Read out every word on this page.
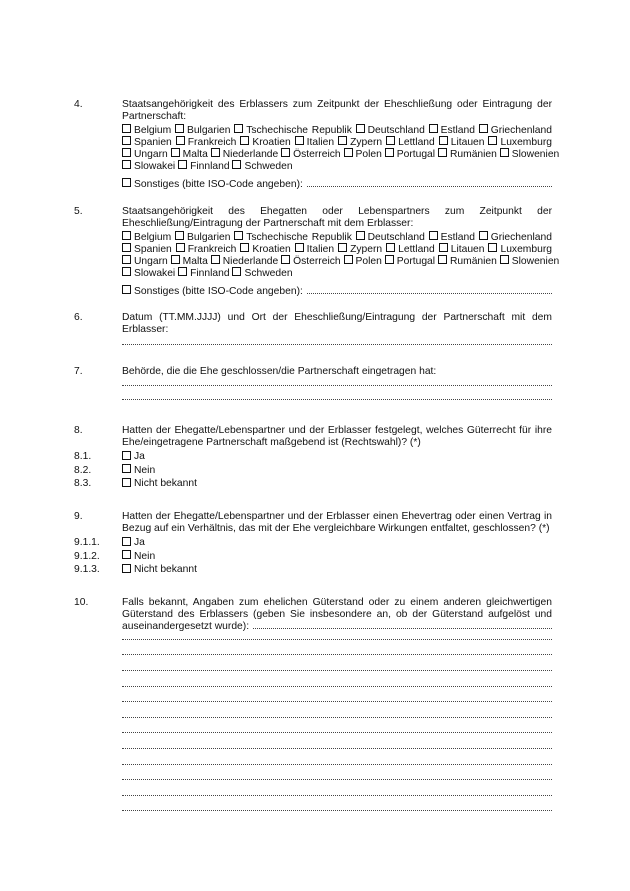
4.	Staatsangehörigkeit des Erblassers zum Zeitpunkt der Eheschließung oder Eintragung der
Partnerschaft:
Belgium Bulgarien Tschechische Republik Deutschland Estland Griechenland
Spanien Frankreich Kroatien Italien Zypern Lettland Litauen Luxemburg
Ungarn Malta Niederlande Österreich Polen Portugal Rumänien Slowenien
Slowakei Finnland Schweden
Sonstiges (bitte ISO-Code angeben):
5.	Staatsangehörigkeit des Ehegatten oder Lebenspartners zum Zeitpunkt der
Eheschließung/Eintragung der Partnerschaft mit dem Erblasser:
Belgium Bulgarien Tschechische Republik Deutschland Estland Griechenland
Spanien Frankreich Kroatien Italien Zypern Lettland Litauen Luxemburg
Ungarn Malta Niederlande Österreich Polen Portugal Rumänien Slowenien
Slowakei Finnland Schweden
Sonstiges (bitte ISO-Code angeben):
6.	Datum (TT.MM.JJJJ) und Ort der Eheschließung/Eintragung der Partnerschaft mit dem
Erblasser:
7.	Behörde, die die Ehe geschlossen/die Partnerschaft eingetragen hat:
8.	Hatten der Ehegatte/Lebenspartner und der Erblasser festgelegt, welches Güterrecht für ihre
Ehe/eingetragene Partnerschaft maßgebend ist (Rechtswahl)? (*)
8.1.	Ja
8.2.	Nein
8.3.	Nicht bekannt
9.	Hatten der Ehegatte/Lebenspartner und der Erblasser einen Ehevertrag oder einen Vertrag in
Bezug auf ein Verhältnis, das mit der Ehe vergleichbare Wirkungen entfaltet, geschlossen? (*)
9.1.1.	Ja
9.1.2.	Nein
9.1.3.	Nicht bekannt
10.	Falls bekannt, Angaben zum ehelichen Güterstand oder zu einem anderen gleichwertigen
Güterstand des Erblassers (geben Sie insbesondere an, ob der Güterstand aufgelöst und
auseinandergesetzt wurde):
